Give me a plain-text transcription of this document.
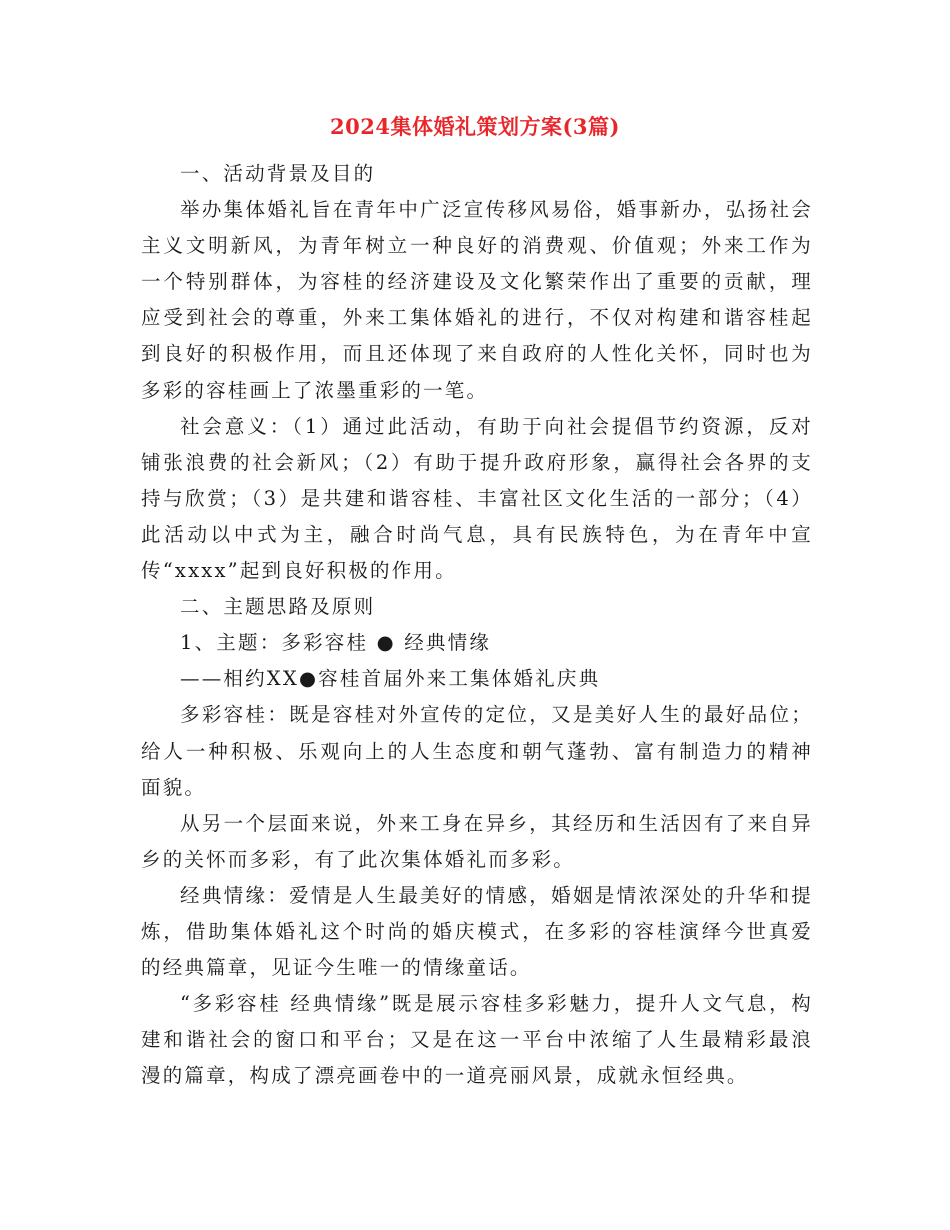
2024集体婚礼策划方案(3篇)

一、活动背景及目的

举办集体婚礼旨在青年中广泛宣传移风易俗，婚事新办，弘扬社会主义文明新风，为青年树立一种良好的消费观、价值观；外来工作为一个特别群体，为容桂的经济建设及文化繁荣作出了重要的贡献，理应受到社会的尊重，外来工集体婚礼的进行，不仅对构建和谐容桂起到良好的积极作用，而且还体现了来自政府的人性化关怀，同时也为多彩的容桂画上了浓墨重彩的一笔。

社会意义：（1）通过此活动，有助于向社会提倡节约资源，反对铺张浪费的社会新风；（2）有助于提升政府形象，赢得社会各界的支持与欣赏；（3）是共建和谐容桂、丰富社区文化生活的一部分；（4）此活动以中式为主，融合时尚气息，具有民族特色，为在青年中宣传“xxxx”起到良好积极的作用。

二、主题思路及原则

1、主题：多彩容桂 ● 经典情缘

——相约XX●容桂首届外来工集体婚礼庆典

多彩容桂：既是容桂对外宣传的定位，又是美好人生的最好品位；给人一种积极、乐观向上的人生态度和朝气蓬勃、富有制造力的精神面貌。

从另一个层面来说，外来工身在异乡，其经历和生活因有了来自异乡的关怀而多彩，有了此次集体婚礼而多彩。

经典情缘：爱情是人生最美好的情感，婚姻是情浓深处的升华和提炼，借助集体婚礼这个时尚的婚庆模式，在多彩的容桂演绎今世真爱的经典篇章，见证今生唯一的情缘童话。

“多彩容桂 经典情缘”既是展示容桂多彩魅力，提升人文气息，构建和谐社会的窗口和平台；又是在这一平台中浓缩了人生最精彩最浪漫的篇章，构成了漂亮画卷中的一道亮丽风景，成就永恒经典。
